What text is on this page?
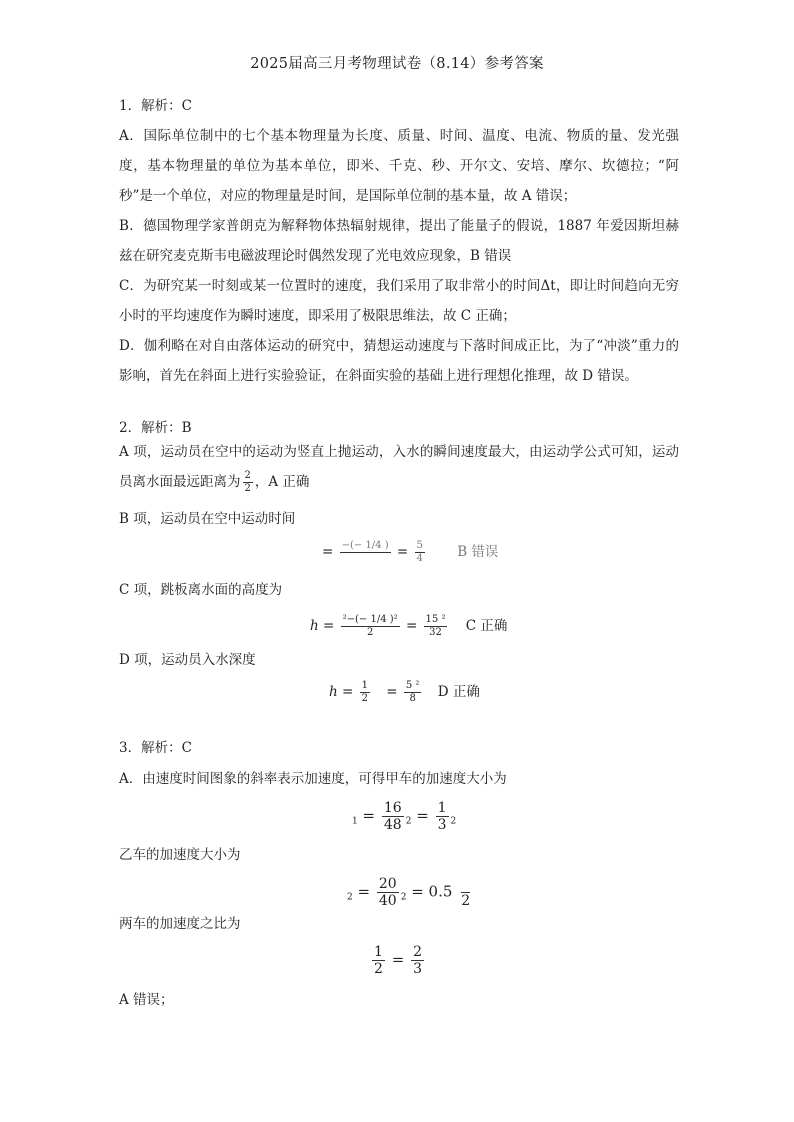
2025届高三月考物理试卷（8.14）参考答案
1．解析：C
A．国际单位制中的七个基本物理量为长度、质量、时间、温度、电流、物质的量、发光强度，基本物理量的单位为基本单位，即米、千克、秒、开尔文、安培、摩尔、坎德拉；“阿秒”是一个单位，对应的物理量是时间，是国际单位制的基本量，故 A 错误；
B．德国物理学家普朗克为解释物体热辐射规律，提出了能量子的假说，1887 年爱因斯坦赫兹在研究麦克斯韦电磁波理论时偶然发现了光电效应现象，B 错误
C．为研究某一时刻或某一位置时的速度，我们采用了取非常小的时间Δt，即让时间趋向无穷小时的平均速度作为瞬时速度，即采用了极限思维法，故 C 正确；
D．伽利略在对自由落体运动的研究中，猜想运动速度与下落时间成正比，为了“冲淡”重力的影响，首先在斜面上进行实验验证，在斜面实验的基础上进行理想化推理，故 D 错误。
2．解析：B
A 项，运动员在空中的运动为竖直上抛运动，入水的瞬间速度最大，由运动学公式可知，运动员离水面最远距离为 $\frac{2}{2}$ ，A 正确
B 项，运动员在空中运动时间
= −(− 1/4 )
= $\frac{5}{4}$ B 错误
C 项，跳板离水面的高度为
$h = \frac{\text{²−(− 1/4 )²}}{2} = \frac{\text{15 ²}}{32}$ C 正确
D 项，运动员入水深度
$h = \frac{1}{2} = \frac{\text{5 ²}}{8}$ D 正确
3．解析：C
A．由速度时间图象的斜率表示加速度，可得甲车的加速度大小为
$_1 = \frac{16}{48} _2 = \frac{1}{3} _2$
乙车的加速度大小为
$_2 = \frac{20}{40} _2 = 0.5$

2
两车的加速度之比为
$\frac{1}{2} = \frac{2}{3}$
A 错误；
